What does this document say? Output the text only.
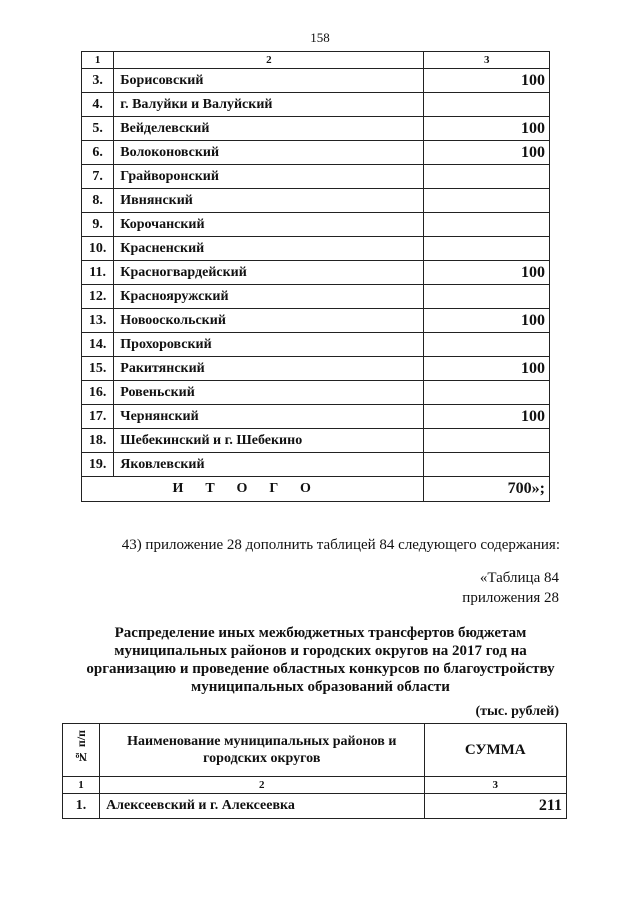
158
1	2	3
3.	Борисовский	100
4.	г. Валуйки и Валуйский	
5.	Вейделевский	100
6.	Волоконовский	100
7.	Грайворонский	
8.	Ивнянский	
9.	Корочанский	
10.	Красненский	
11.	Красногвардейский	100
12.	Краснояружский	
13.	Новооскольский	100
14.	Прохоровский	
15.	Ракитянский	100
16.	Ровеньский	
17.	Чернянский	100
18.	Шебекинский и г. Шебекино	
19.	Яковлевский	
ИТОГО		700»;
43) приложение 28 дополнить таблицей 84 следующего содержания:
«Таблица 84
приложения 28
Распределение иных межбюджетных трансфертов бюджетам
муниципальных районов и городских округов на 2017 год на
организацию и проведение областных конкурсов по благоустройству
муниципальных образований области
(тыс. рублей)
№ п/п	Наименование муниципальных районов и городских округов	СУММА
1	2	3
1.	Алексеевский и г. Алексеевка	211
